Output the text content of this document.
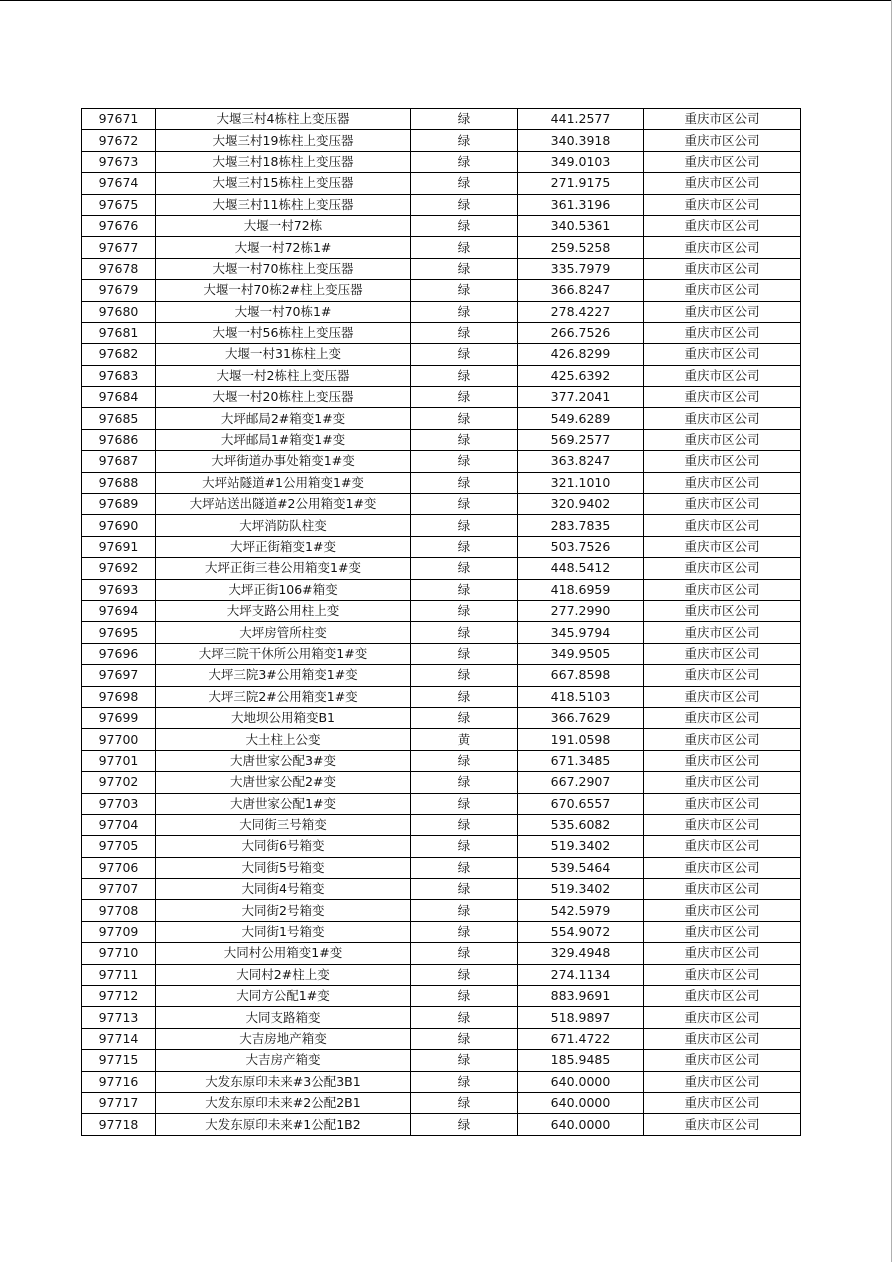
97671	大堰三村4栋柱上变压器	绿	441.2577	重庆市区公司
97672	大堰三村19栋柱上变压器	绿	340.3918	重庆市区公司
97673	大堰三村18栋柱上变压器	绿	349.0103	重庆市区公司
97674	大堰三村15栋柱上变压器	绿	271.9175	重庆市区公司
97675	大堰三村11栋柱上变压器	绿	361.3196	重庆市区公司
97676	大堰一村72栋	绿	340.5361	重庆市区公司
97677	大堰一村72栋1#	绿	259.5258	重庆市区公司
97678	大堰一村70栋柱上变压器	绿	335.7979	重庆市区公司
97679	大堰一村70栋2#柱上变压器	绿	366.8247	重庆市区公司
97680	大堰一村70栋1#	绿	278.4227	重庆市区公司
97681	大堰一村56栋柱上变压器	绿	266.7526	重庆市区公司
97682	大堰一村31栋柱上变	绿	426.8299	重庆市区公司
97683	大堰一村2栋柱上变压器	绿	425.6392	重庆市区公司
97684	大堰一村20栋柱上变压器	绿	377.2041	重庆市区公司
97685	大坪邮局2#箱变1#变	绿	549.6289	重庆市区公司
97686	大坪邮局1#箱变1#变	绿	569.2577	重庆市区公司
97687	大坪街道办事处箱变1#变	绿	363.8247	重庆市区公司
97688	大坪站隧道#1公用箱变1#变	绿	321.1010	重庆市区公司
97689	大坪站送出隧道#2公用箱变1#变	绿	320.9402	重庆市区公司
97690	大坪消防队柱变	绿	283.7835	重庆市区公司
97691	大坪正街箱变1#变	绿	503.7526	重庆市区公司
97692	大坪正街三巷公用箱变1#变	绿	448.5412	重庆市区公司
97693	大坪正街106#箱变	绿	418.6959	重庆市区公司
97694	大坪支路公用柱上变	绿	277.2990	重庆市区公司
97695	大坪房管所柱变	绿	345.9794	重庆市区公司
97696	大坪三院干休所公用箱变1#变	绿	349.9505	重庆市区公司
97697	大坪三院3#公用箱变1#变	绿	667.8598	重庆市区公司
97698	大坪三院2#公用箱变1#变	绿	418.5103	重庆市区公司
97699	大地坝公用箱变B1	绿	366.7629	重庆市区公司
97700	大土柱上公变	黄	191.0598	重庆市区公司
97701	大唐世家公配3#变	绿	671.3485	重庆市区公司
97702	大唐世家公配2#变	绿	667.2907	重庆市区公司
97703	大唐世家公配1#变	绿	670.6557	重庆市区公司
97704	大同街三号箱变	绿	535.6082	重庆市区公司
97705	大同街6号箱变	绿	519.3402	重庆市区公司
97706	大同街5号箱变	绿	539.5464	重庆市区公司
97707	大同街4号箱变	绿	519.3402	重庆市区公司
97708	大同街2号箱变	绿	542.5979	重庆市区公司
97709	大同街1号箱变	绿	554.9072	重庆市区公司
97710	大同村公用箱变1#变	绿	329.4948	重庆市区公司
97711	大同村2#柱上变	绿	274.1134	重庆市区公司
97712	大同方公配1#变	绿	883.9691	重庆市区公司
97713	大同支路箱变	绿	518.9897	重庆市区公司
97714	大吉房地产箱变	绿	671.4722	重庆市区公司
97715	大吉房产箱变	绿	185.9485	重庆市区公司
97716	大发东原印未来#3公配3B1	绿	640.0000	重庆市区公司
97717	大发东原印未来#2公配2B1	绿	640.0000	重庆市区公司
97718	大发东原印未来#1公配1B2	绿	640.0000	重庆市区公司
